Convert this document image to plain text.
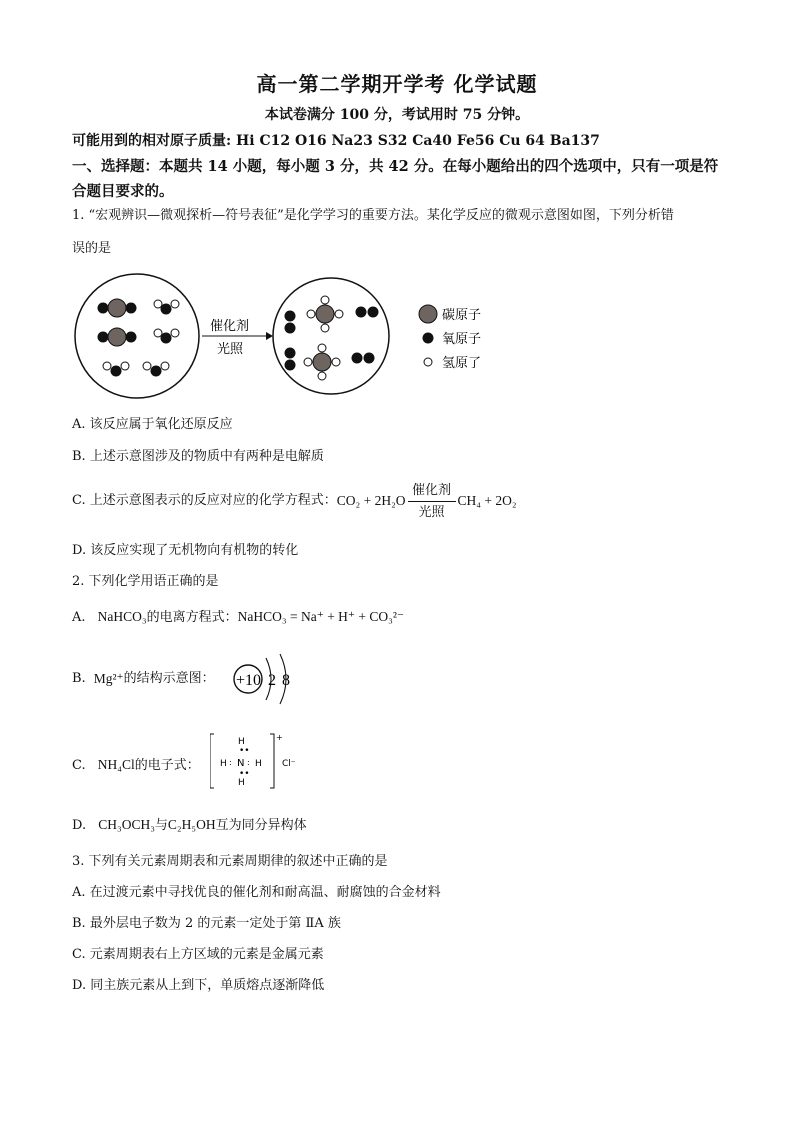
高一第二学期开学考 化学试题
本试卷满分 100 分，考试用时 75 分钟。
可能用到的相对原子质量: Hi C12 O16 Na23 S32 Ca40 Fe56 Cu 64 Ba137
一、选择题：本题共 14 小题，每小题 3 分，共 42 分。在每小题给出的四个选项中，只有一项是符合题目要求的。
1. “宏观辨识—微观探析—符号表征”是化学学习的重要方法。某化学反应的微观示意图如图，下列分析错
误的是
催化剂
光照
碳原子
氧原子
氢原了
A. 该反应属于氧化还原反应
B. 上述示意图涉及的物质中有两种是电解质
C. 上述示意图表示的反应对应的化学方程式： CO₂ + 2H₂O
催化剂
光照
CH₄ + 2O₂
D. 该反应实现了无机物向有机物的转化
2. 下列化学用语正确的是
A. NaHCO₃的电离方程式：NaHCO₃ = Na⁺ + H⁺ + CO₃²⁻
B. Mg²⁺ 的结构示意图： +10 2 8
C. NH₄Cl的电子式：
+
H
••
H : N : H
••
H
Cl⁻
D. CH₃OCH₃与C₂H₅OH互为同分异构体
3. 下列有关元素周期表和元素周期律的叙述中正确的是
A. 在过渡元素中寻找优良的催化剂和耐高温、耐腐蚀的合金材料
B. 最外层电子数为 2 的元素一定处于第 ⅡA 族
C. 元素周期表右上方区域的元素是金属元素
D. 同主族元素从上到下，单质熔点逐渐降低
